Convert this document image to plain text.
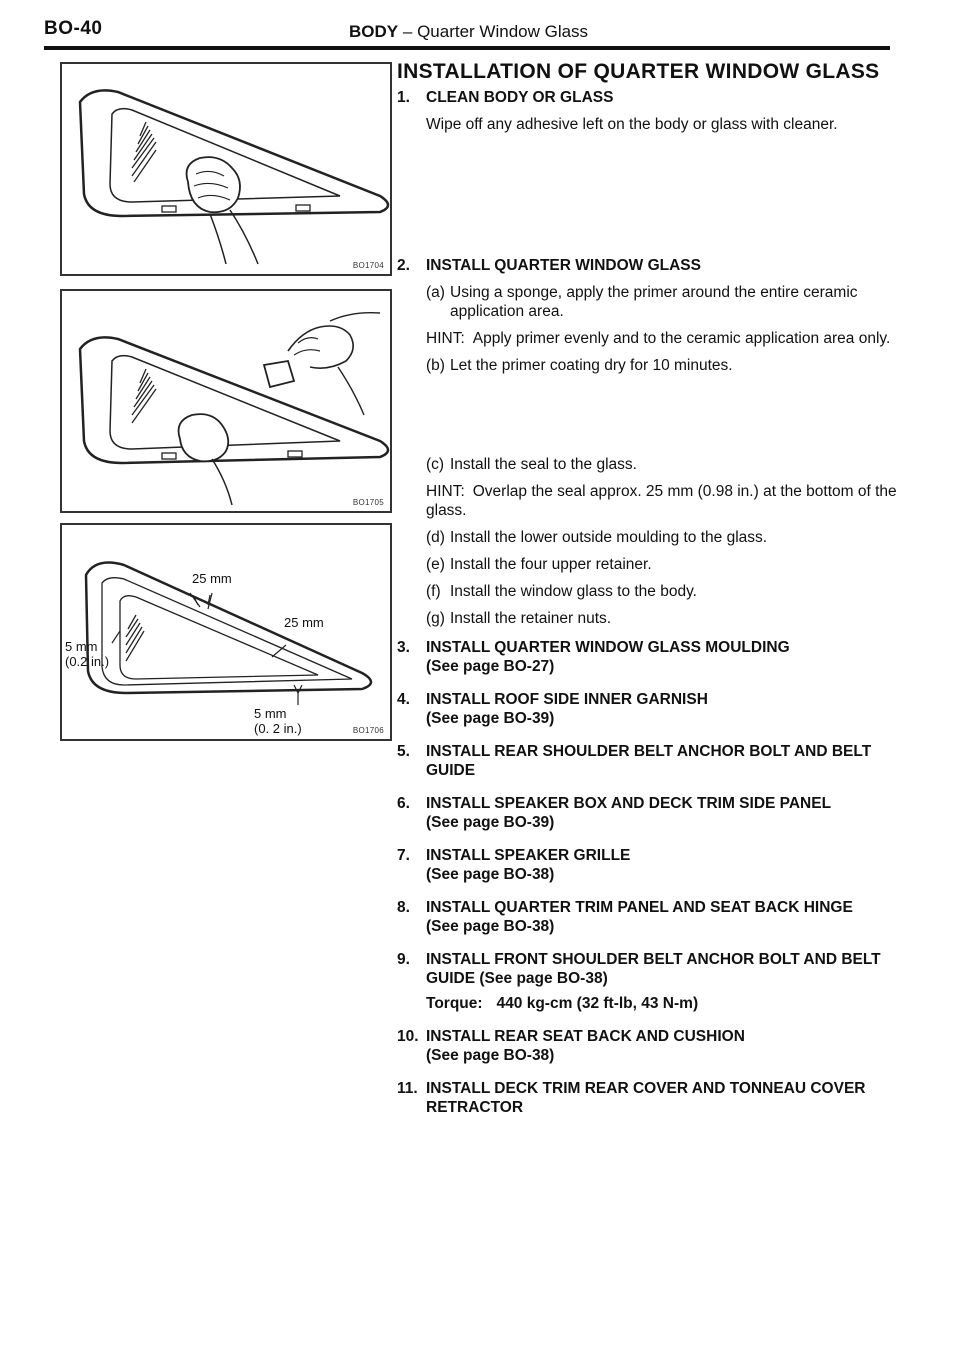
BO-40	BODY – Quarter Window Glass
BO1704
BO1705
25 mm
25 mm
5 mm
(0.2 in.)
5 mm
(0. 2 in.)	BO1706
INSTALLATION OF QUARTER WINDOW GLASS
1.	CLEAN BODY OR GLASS
Wipe off any adhesive left on the body or glass with cleaner.
2.	INSTALL QUARTER WINDOW GLASS
(a) Using a sponge, apply the primer around the entire ceramic application area.
HINT: Apply primer evenly and to the ceramic application area only.
(b) Let the primer coating dry for 10 minutes.
(c) Install the seal to the glass.
HINT: Overlap the seal approx. 25 mm (0.98 in.) at the bottom of the glass.
(d) Install the lower outside moulding to the glass.
(e) Install the four upper retainer.
(f) Install the window glass to the body.
(g) Install the retainer nuts.
3.	INSTALL QUARTER WINDOW GLASS MOULDING
(See page BO-27)
4.	INSTALL ROOF SIDE INNER GARNISH
(See page BO-39)
5.	INSTALL REAR SHOULDER BELT ANCHOR BOLT AND BELT GUIDE
6.	INSTALL SPEAKER BOX AND DECK TRIM SIDE PANEL
(See page BO-39)
7.	INSTALL SPEAKER GRILLE
(See page BO-38)
8.	INSTALL QUARTER TRIM PANEL AND SEAT BACK HINGE
(See page BO-38)
9.	INSTALL FRONT SHOULDER BELT ANCHOR BOLT AND BELT GUIDE (See page BO-38)
Torque: 440 kg-cm (32 ft-lb, 43 N-m)
10. INSTALL REAR SEAT BACK AND CUSHION
(See page BO-38)
11. INSTALL DECK TRIM REAR COVER AND TONNEAU COVER RETRACTOR
